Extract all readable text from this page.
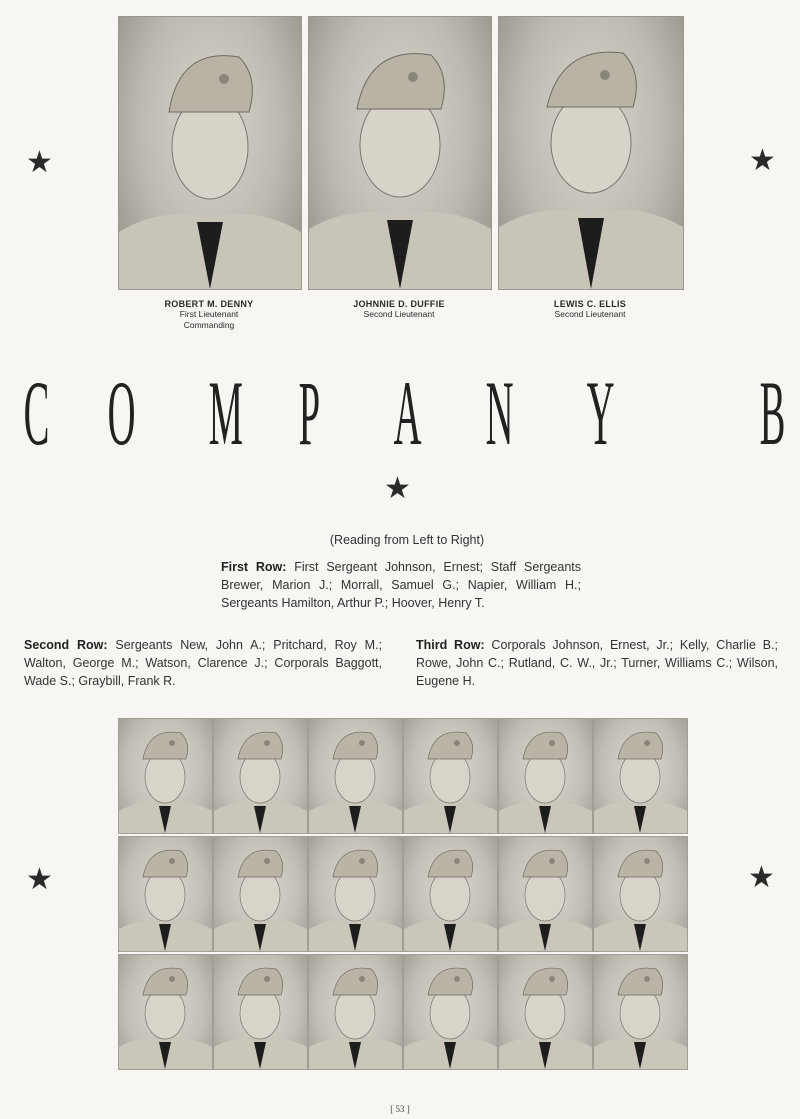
ROBERT M. DENNY
First Lieutenant
Commanding
JOHNNIE D. DUFFIE
Second Lieutenant
LEWIS C. ELLIS
Second Lieutenant
★	★
C O M P A N Y B
★
(Reading from Left to Right)
First Row: First Sergeant Johnson, Ernest; Staff Sergeants Brewer, Marion J.; Morrall, Samuel G.; Napier, William H.; Sergeants Hamilton, Arthur P.; Hoover, Henry T.
Second Row: Sergeants New, John A.; Pritchard, Roy M.; Walton, George M.; Watson, Clarence J.; Corporals Baggott, Wade S.; Graybill, Frank R.
Third Row: Corporals Johnson, Ernest, Jr.; Kelly, Charlie B.; Rowe, John C.; Rutland, C. W., Jr.; Turner, Williams C.; Wilson, Eugene H.
★	★
[ 53 ]
